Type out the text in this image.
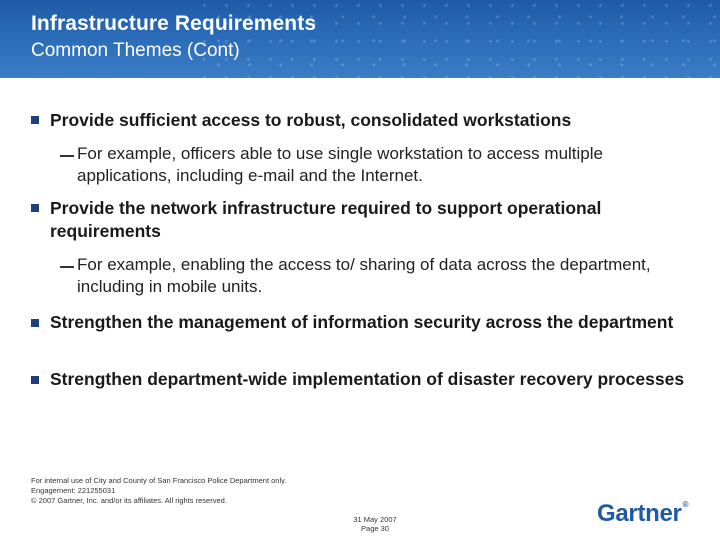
Infrastructure Requirements
Common Themes (Cont)
Provide sufficient access to robust, consolidated workstations
For example, officers able to use single workstation to access multiple applications, including e-mail and the Internet.
Provide the network infrastructure required to support operational requirements
For example, enabling the access to/ sharing of data across the department, including in mobile units.
Strengthen the management of information security across the department
Strengthen department-wide implementation of disaster recovery processes
For internal use of City and County of San Francisco Police Department only.
Engagement: 221255031
© 2007 Gartner, Inc. and/or its affiliates. All rights reserved.
31 May 2007
Page 30
Gartner®
